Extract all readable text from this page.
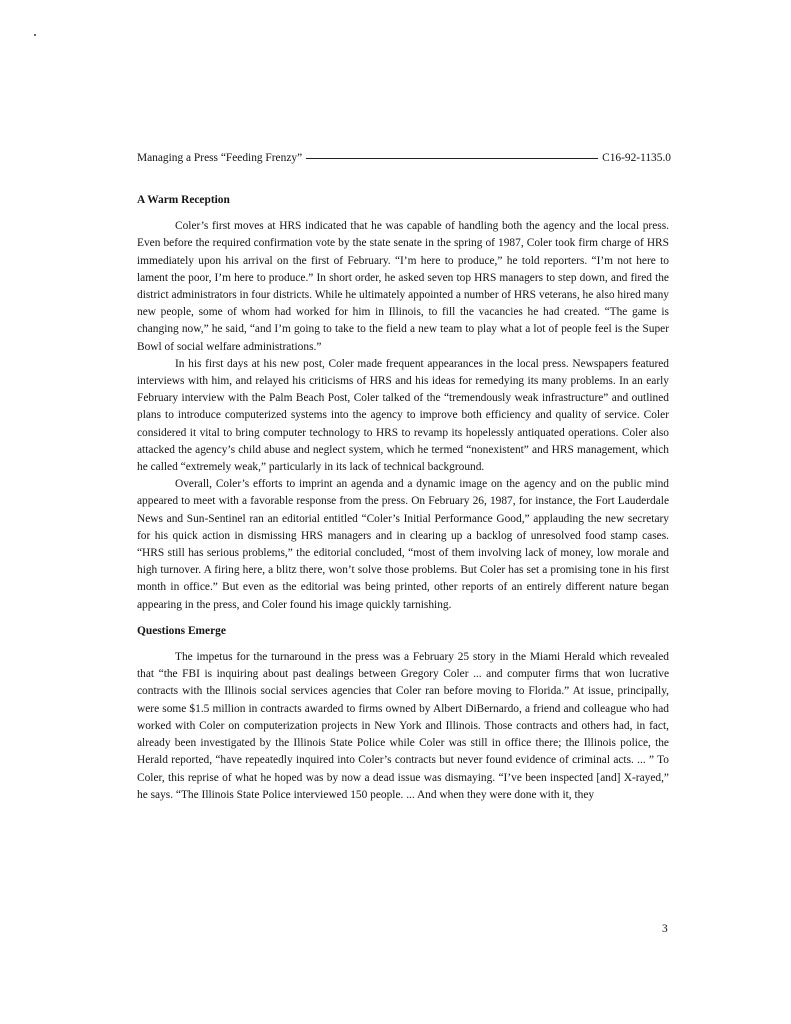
Managing a Press “Feeding Frenzy”	C16-92-1135.0
A Warm Reception

Coler’s first moves at HRS indicated that he was capable of handling both the agency and the local press. Even before the required confirmation vote by the state senate in the spring of 1987, Coler took firm charge of HRS immediately upon his arrival on the first of February. “I’m here to produce,” he told reporters. “I’m not here to lament the poor, I’m here to produce.” In short order, he asked seven top HRS managers to step down, and fired the district administrators in four districts. While he ultimately appointed a number of HRS veterans, he also hired many new people, some of whom had worked for him in Illinois, to fill the vacancies he had created. “The game is changing now,” he said, “and I’m going to take to the field a new team to play what a lot of people feel is the Super Bowl of social welfare administrations.”

In his first days at his new post, Coler made frequent appearances in the local press. Newspapers featured interviews with him, and relayed his criticisms of HRS and his ideas for remedying its many problems. In an early February interview with the Palm Beach Post, Coler talked of the “tremendously weak infrastructure” and outlined plans to introduce computerized systems into the agency to improve both efficiency and quality of service. Coler considered it vital to bring computer technology to HRS to revamp its hopelessly antiquated operations. Coler also attacked the agency’s child abuse and neglect system, which he termed “nonexistent” and HRS management, which he called “extremely weak,” particularly in its lack of technical background.

Overall, Coler’s efforts to imprint an agenda and a dynamic image on the agency and on the public mind appeared to meet with a favorable response from the press. On February 26, 1987, for instance, the Fort Lauderdale News and Sun-Sentinel ran an editorial entitled “Coler’s Initial Performance Good,” applauding the new secretary for his quick action in dismissing HRS managers and in clearing up a backlog of unresolved food stamp cases. “HRS still has serious problems,” the editorial concluded, “most of them involving lack of money, low morale and high turnover. A firing here, a blitz there, won’t solve those problems. But Coler has set a promising tone in his first month in office.” But even as the editorial was being printed, other reports of an entirely different nature began appearing in the press, and Coler found his image quickly tarnishing.

Questions Emerge

The impetus for the turnaround in the press was a February 25 story in the Miami Herald which revealed that “the FBI is inquiring about past dealings between Gregory Coler ... and computer firms that won lucrative contracts with the Illinois social services agencies that Coler ran before moving to Florida.” At issue, principally, were some $1.5 million in contracts awarded to firms owned by Albert DiBernardo, a friend and colleague who had worked with Coler on computerization projects in New York and Illinois. Those contracts and others had, in fact, already been investigated by the Illinois State Police while Coler was still in office there; the Illinois police, the Herald reported, “have repeatedly inquired into Coler’s contracts but never found evidence of criminal acts. ... ” To Coler, this reprise of what he hoped was by now a dead issue was dismaying. “I’ve been inspected [and] X-rayed,” he says. “The Illinois State Police interviewed 150 people. ... And when they were done with it, they

3
